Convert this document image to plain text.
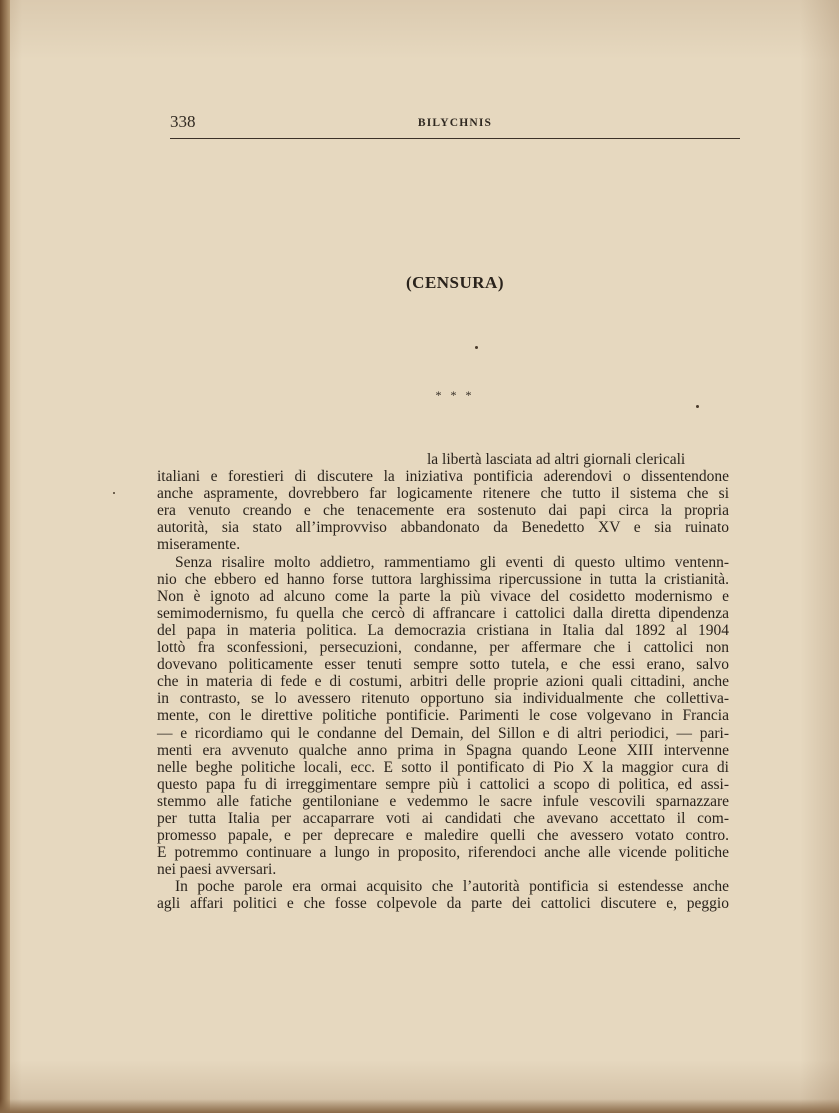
338	BILYCHNIS
(CENSURA)
* * *
la libertà lasciata ad altri giornali clericali
italiani e forestieri di discutere la iniziativa pontificia aderendovi o dissentendone
anche aspramente, dovrebbero far logicamente ritenere che tutto il sistema che si
era venuto creando e che tenacemente era sostenuto dai papi circa la propria
autorità, sia stato all’improvviso abbandonato da Benedetto XV e sia ruinato
miseramente.
Senza risalire molto addietro, rammentiamo gli eventi di questo ultimo ventenn-
nio che ebbero ed hanno forse tuttora larghissima ripercussione in tutta la cristianità.
Non è ignoto ad alcuno come la parte la più vivace del cosidetto modernismo e
semimodernismo, fu quella che cercò di affrancare i cattolici dalla diretta dipendenza
del papa in materia politica. La democrazia cristiana in Italia dal 1892 al 1904
lottò fra sconfessioni, persecuzioni, condanne, per affermare che i cattolici non
dovevano politicamente esser tenuti sempre sotto tutela, e che essi erano, salvo
che in materia di fede e di costumi, arbitri delle proprie azioni quali cittadini, anche
in contrasto, se lo avessero ritenuto opportuno sia individualmente che collettiva-
mente, con le direttive politiche pontificie. Parimenti le cose volgevano in Francia
— e ricordiamo qui le condanne del Demain, del Sillon e di altri periodici, — pari-
menti era avvenuto qualche anno prima in Spagna quando Leone XIII intervenne
nelle beghe politiche locali, ecc. E sotto il pontificato di Pio X la maggior cura di
questo papa fu di irreggimentare sempre più i cattolici a scopo di politica, ed assi-
stemmo alle fatiche gentiloniane e vedemmo le sacre infule vescovili sparnazzare
per tutta Italia per accaparrare voti ai candidati che avevano accettato il com-
promesso papale, e per deprecare e maledire quelli che avessero votato contro.
E potremmo continuare a lungo in proposito, riferendoci anche alle vicende politiche
nei paesi avversari.
In poche parole era ormai acquisito che l’autorità pontificia si estendesse anche
agli affari politici e che fosse colpevole da parte dei cattolici discutere e, peggio
